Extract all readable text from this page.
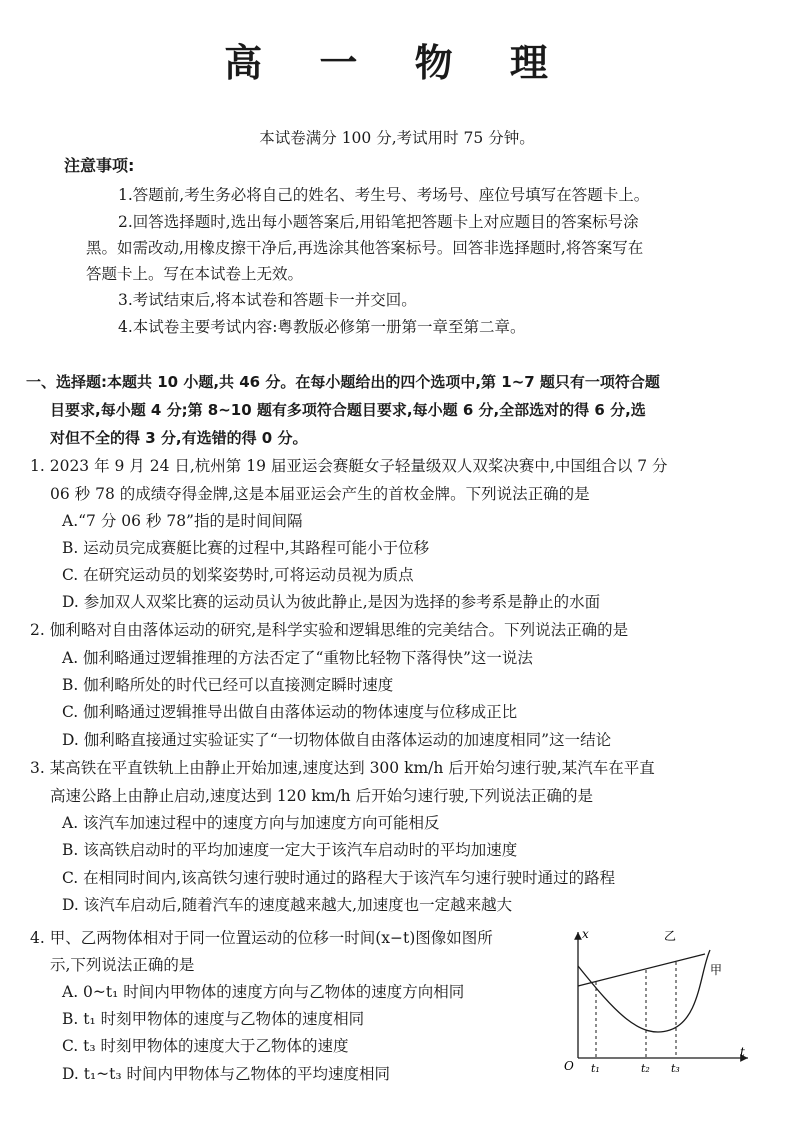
高 一 物 理
本试卷满分 100 分,考试用时 75 分钟。
注意事项:
1.答题前,考生务必将自己的姓名、考生号、考场号、座位号填写在答题卡上。
2.回答选择题时,选出每小题答案后,用铅笔把答题卡上对应题目的答案标号涂
黑。如需改动,用橡皮擦干净后,再选涂其他答案标号。回答非选择题时,将答案写在
答题卡上。写在本试卷上无效。
3.考试结束后,将本试卷和答题卡一并交回。
4.本试卷主要考试内容:粤教版必修第一册第一章至第二章。
一、选择题:本题共 10 小题,共 46 分。在每小题给出的四个选项中,第 1~7 题只有一项符合题
目要求,每小题 4 分;第 8~10 题有多项符合题目要求,每小题 6 分,全部选对的得 6 分,选
对但不全的得 3 分,有选错的得 0 分。
1. 2023 年 9 月 24 日,杭州第 19 届亚运会赛艇女子轻量级双人双桨决赛中,中国组合以 7 分
06 秒 78 的成绩夺得金牌,这是本届亚运会产生的首枚金牌。下列说法正确的是
A.“7 分 06 秒 78”指的是时间间隔
B. 运动员完成赛艇比赛的过程中,其路程可能小于位移
C. 在研究运动员的划桨姿势时,可将运动员视为质点
D. 参加双人双桨比赛的运动员认为彼此静止,是因为选择的参考系是静止的水面
2. 伽利略对自由落体运动的研究,是科学实验和逻辑思维的完美结合。下列说法正确的是
A. 伽利略通过逻辑推理的方法否定了“重物比轻物下落得快”这一说法
B. 伽利略所处的时代已经可以直接测定瞬时速度
C. 伽利略通过逻辑推导出做自由落体运动的物体速度与位移成正比
D. 伽利略直接通过实验证实了“一切物体做自由落体运动的加速度相同”这一结论
3. 某高铁在平直铁轨上由静止开始加速,速度达到 300 km/h 后开始匀速行驶,某汽车在平直
高速公路上由静止启动,速度达到 120 km/h 后开始匀速行驶,下列说法正确的是
A. 该汽车加速过程中的速度方向与加速度方向可能相反
B. 该高铁启动时的平均加速度一定大于该汽车启动时的平均加速度
C. 在相同时间内,该高铁匀速行驶时通过的路程大于该汽车匀速行驶时通过的路程
D. 该汽车启动后,随着汽车的速度越来越大,加速度也一定越来越大
4. 甲、乙两物体相对于同一位置运动的位移一时间(x−t)图像如图所
示,下列说法正确的是
A. 0~t₁ 时间内甲物体的速度方向与乙物体的速度方向相同
B. t₁ 时刻甲物体的速度与乙物体的速度相同
C. t₃ 时刻甲物体的速度大于乙物体的速度
D. t₁~t₃ 时间内甲物体与乙物体的平均速度相同
x
t
O
甲
乙
t₁	t₂ t₃
